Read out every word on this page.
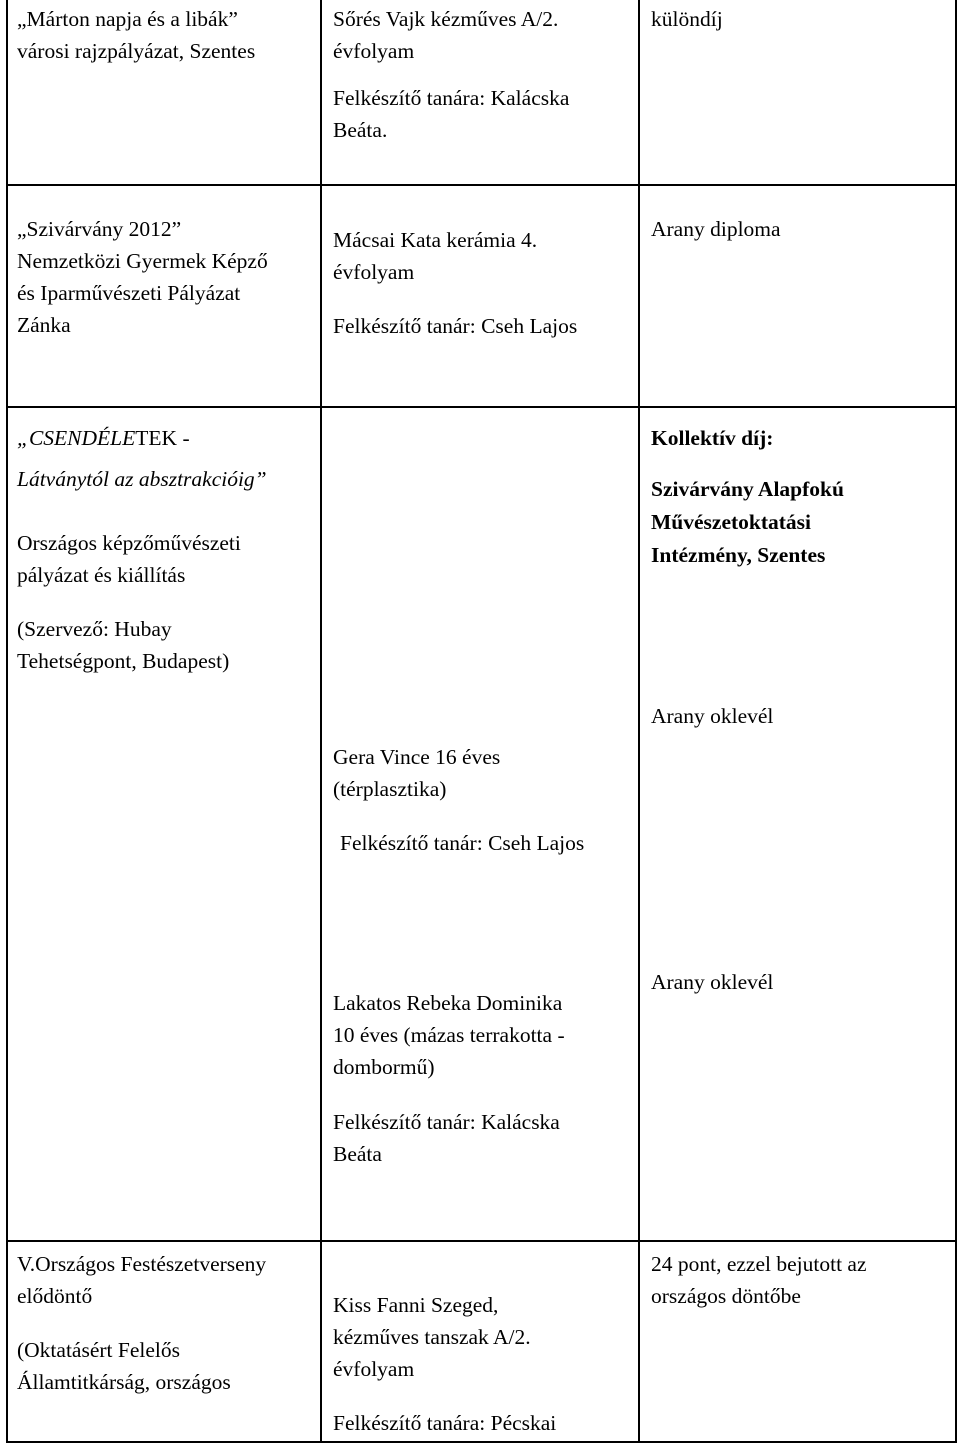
„Márton napja és a libák”
városi rajzpályázat, Szentes
Sőrés Vajk kézműves A/2.
évfolyam
Felkészítő tanára: Kalácska
Beáta.
különdíj
„Szivárvány 2012”
Nemzetközi Gyermek Képző
és Iparművészeti Pályázat
Zánka
Mácsai Kata kerámia 4.
évfolyam
Felkészítő tanár: Cseh Lajos
Arany diploma
„CSENDÉLETEK -
Látványtól az absztrakcióig”
Országos képzőművészeti
pályázat és kiállítás
(Szervező: Hubay
Tehetségpont, Budapest)
Kollektív díj:
Szivárvány Alapfokú
Művészetoktatási
Intézmény, Szentes
Gera Vince 16 éves
(térplasztika)
Felkészítő tanár: Cseh Lajos
Arany oklevél
Lakatos Rebeka Dominika
10 éves (mázas terrakotta -
dombormű)
Felkészítő tanár: Kalácska
Beáta
Arany oklevél
V.Országos Festészetverseny
elődöntő
(Oktatásért Felelős
Államtitkárság, országos
Kiss Fanni Szeged,
kézműves tanszak A/2.
évfolyam
Felkészítő tanára: Pécskai
24 pont, ezzel bejutott az
országos döntőbe
